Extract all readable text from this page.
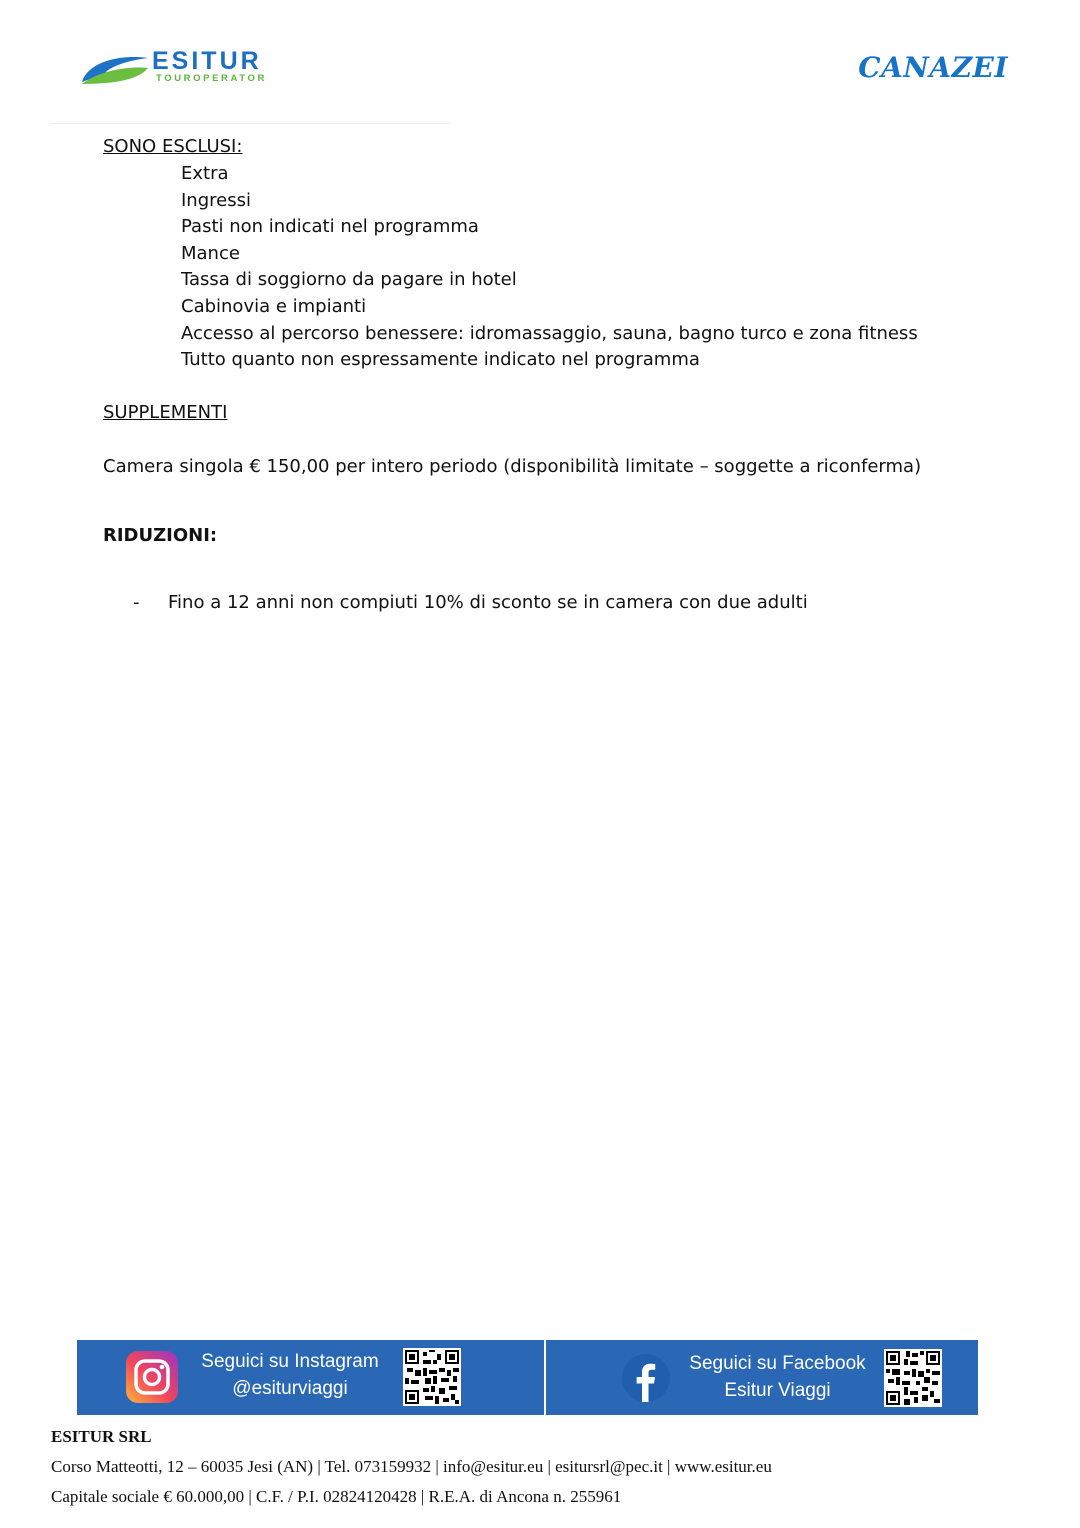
ESITUR
TOUROPERATOR	CANAZEI
SONO ESCLUSI:
Extra
Ingressi
Pasti non indicati nel programma
Mance
Tassa di soggiorno da pagare in hotel
Cabinovia e impianti
Accesso al percorso benessere: idromassaggio, sauna, bagno turco e zona fitness
Tutto quanto non espressamente indicato nel programma
SUPPLEMENTI
Camera singola € 150,00 per intero periodo (disponibilità limitate – soggette a riconferma)
RIDUZIONI:
- Fino a 12 anni non compiuti 10% di sconto se in camera con due adulti
Seguici su Instagram
@esiturviaggi
Seguici su Facebook
Esitur Viaggi
ESITUR SRL
Corso Matteotti, 12 – 60035 Jesi (AN) | Tel. 073159932 | info@esitur.eu | esitursrl@pec.it | www.esitur.eu
Capitale sociale € 60.000,00 | C.F. / P.I. 02824120428 | R.E.A. di Ancona n. 255961
